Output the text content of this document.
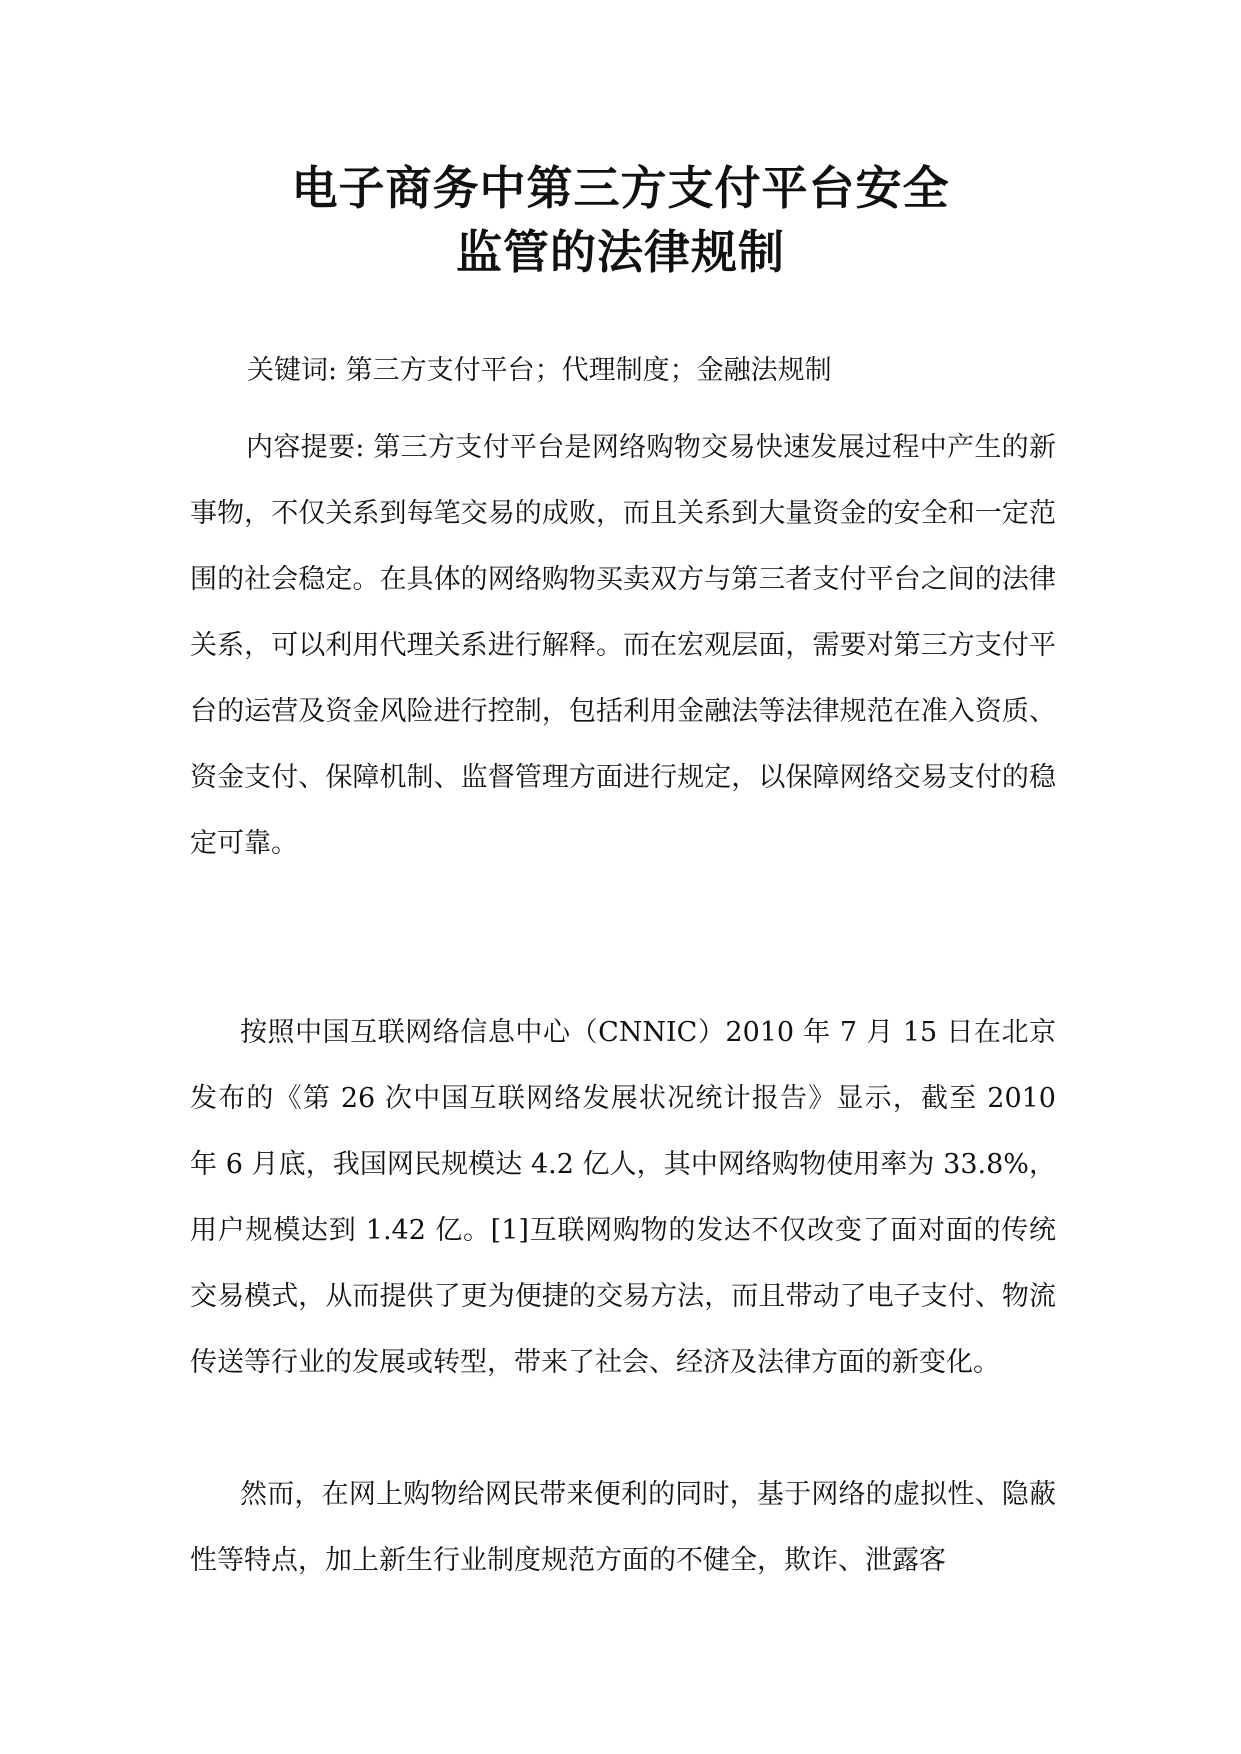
电子商务中第三方支付平台安全
监管的法律规制

关键词: 第三方支付平台；代理制度；金融法规制

内容提要: 第三方支付平台是网络购物交易快速发展过程中产生的新事物，不仅关系到每笔交易的成败，而且关系到大量资金的安全和一定范围的社会稳定。在具体的网络购物买卖双方与第三者支付平台之间的法律关系，可以利用代理关系进行解释。而在宏观层面，需要对第三方支付平台的运营及资金风险进行控制，包括利用金融法等法律规范在准入资质、资金支付、保障机制、监督管理方面进行规定，以保障网络交易支付的稳定可靠。

按照中国互联网络信息中心（CNNIC）2010 年 7 月 15 日在北京发布的《第 26 次中国互联网络发展状况统计报告》显示，截至 2010 年 6 月底，我国网民规模达 4.2 亿人，其中网络购物使用率为 33.8%，用户规模达到 1.42 亿。[1]互联网购物的发达不仅改变了面对面的传统交易模式，从而提供了更为便捷的交易方法，而且带动了电子支付、物流传送等行业的发展或转型，带来了社会、经济及法律方面的新变化。

然而，在网上购物给网民带来便利的同时，基于网络的虚拟性、隐蔽性等特点，加上新生行业制度规范方面的不健全，欺诈、泄露客
